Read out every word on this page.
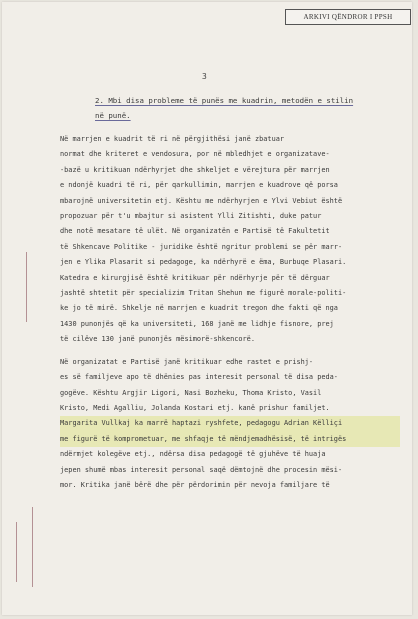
ARKIVI QËNDROR I PPSH
3
2. Mbi disa probleme të punës me kuadrin, metodën e stilin
në punë.

Në marrjen e kuadrit të ri në përgjithësi janë zbatuar
normat dhe kriteret e vendosura, por në mbledhjet e organizatave-
-bazë u kritikuan ndërhyrjet dhe shkeljet e vërejtura për marrjen
e ndonjë kuadri të ri, për qarkullimin, marrjen e kuadrove që porsa
mbarojnë universitetin etj. Kështu me ndërhyrjen e Ylvi Vebiut është
propozuar për t'u mbajtur si asistent Ylli Zitishti, duke patur
dhe notë mesatare të ulët. Në organizatën e Partisë të Fakultetit
të Shkencave Politike - juridike është ngritur problemi se për marr-
jen e Ylika Plasarit si pedagoge, ka ndërhyrë e ëma, Burbuqe Plasari.
Katedra e kirurgjisë është kritikuar për ndërhyrje për të dërguar
jashtë shtetit për specializim Tritan Shehun me figurë morale-politi-
ke jo të mirë. Shkelje në marrjen e kuadrit tregon dhe fakti që nga
1430 punonjës që ka universiteti, 168 janë me lidhje fisnore, prej
të cilëve 130 janë punonjës mësimorë-shkencorë.

Në organizatat e Partisë janë kritikuar edhe rastet e prishj-
es së familjeve apo të dhënies pas interesit personal të disa peda-
gogëve. Kështu Argjir Ligori, Nasi Bozheku, Thoma Kristo, Vasil
Kristo, Medi Agalliu, Jolanda Kostari etj. kanë prishur familjet.
Margarita Vullkaj ka marrë haptazi ryshfete, pedagogu Adrian Këlliçi
me figurë të komprometuar, me shfaqje të mëndjemadhësisë, të intrigës
ndërmjet kolegëve etj., ndërsa disa pedagogë të gjuhëve të huaja
jepen shumë mbas interesit personal saqë dëmtojnë dhe procesin mësi-
mor. Kritika janë bërë dhe për përdorimin për nevoja familjare të
